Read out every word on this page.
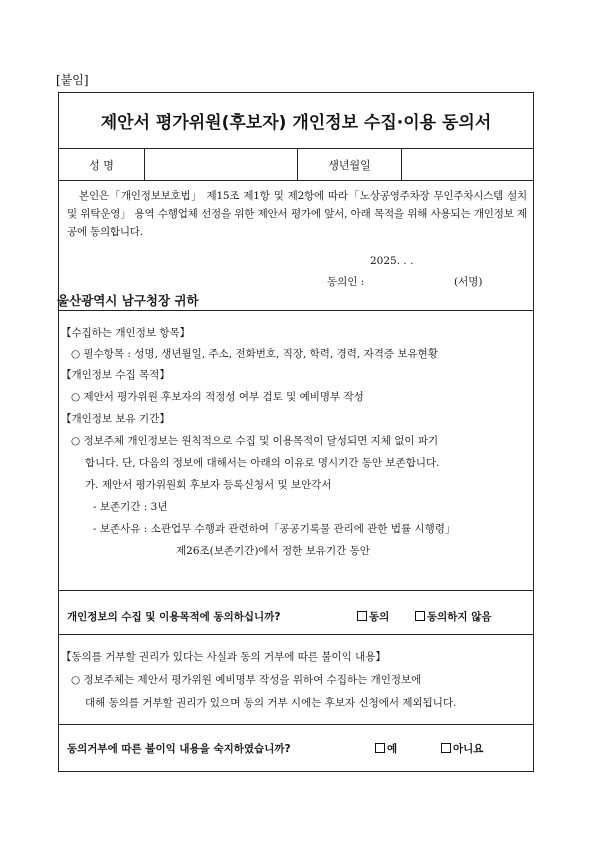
[붙임]
제안서 평가위원(후보자) 개인정보 수집·이용 동의서
성 명	생년월일
본인은「개인정보보호법」 제15조 제1항 및 제2항에 따라「노상공영주차장 무인주차시스템 설치 및 위탁운영」 용역 수행업체 선정을 위한 제안서 평가에 앞서, 아래 목적을 위해 사용되는 개인정보 제공에 동의합니다.
2025. . .
동의인 :	(서명)
울산광역시 남구청장 귀하
【수집하는 개인정보 항목】
○ 필수항목 : 성명, 생년월일, 주소, 전화번호, 직장, 학력, 경력, 자격증 보유현황
【개인정보 수집 목적】
○ 제안서 평가위원 후보자의 적정성 여부 검토 및 예비명부 작성
【개인정보 보유 기간】
○ 정보주체 개인정보는 원칙적으로 수집 및 이용목적이 달성되면 지체 없이 파기
합니다. 단, 다음의 정보에 대해서는 아래의 이유로 명시기간 동안 보존합니다.
가. 제안서 평가위원회 후보자 등록신청서 및 보안각서
- 보존기간 : 3년
- 보존사유 : 소관업무 수행과 관련하여「공공기록물 관리에 관한 법률 시행령」
제26조(보존기간)에서 정한 보유기간 동안
개인정보의 수집 및 이용목적에 동의하십니까?	동의	동의하지 않음
【동의를 거부할 권리가 있다는 사실과 동의 거부에 따른 불이익 내용】
○ 정보주체는 제안서 평가위원 예비명부 작성을 위하여 수집하는 개인정보에
대해 동의를 거부할 권리가 있으며 동의 거부 시에는 후보자 신청에서 제외됩니다.
동의거부에 따른 불이익 내용을 숙지하였습니까?	예	아니요
